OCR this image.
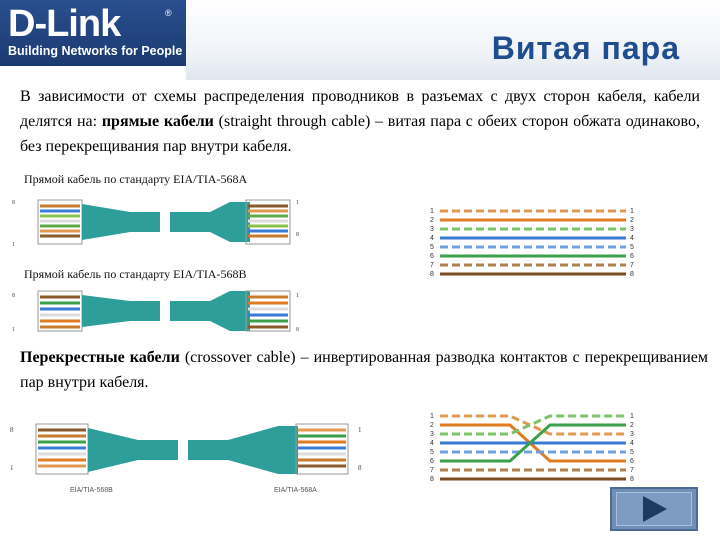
D-Link	®
Building Networks for People	Витая пара
В зависимости от схемы распределения проводников в разъемах с двух сторон кабеля, кабели делятся на: прямые кабели (straight through cable) – витая пара с обеих сторон обжата одинаково, без перекрещивания пар внутри кабеля.
Прямой кабель по стандарту EIA/TIA-568A
8
1
1
8
1
2
3
4
5
6
7
8
1
2
3
4
5
6
7
8
Прямой кабель по стандарту EIA/TIA-568B
8
1
1
8
Перекрестные кабели (crossover cable) – инвертированная разводка контактов с перекрещиванием пар внутри кабеля.
8
1
1
8
EIA/TIA-568B	EIA/TIA-568A
1
2
3
4
5
6
7
8
1
2
3
4
5
6
7
8
